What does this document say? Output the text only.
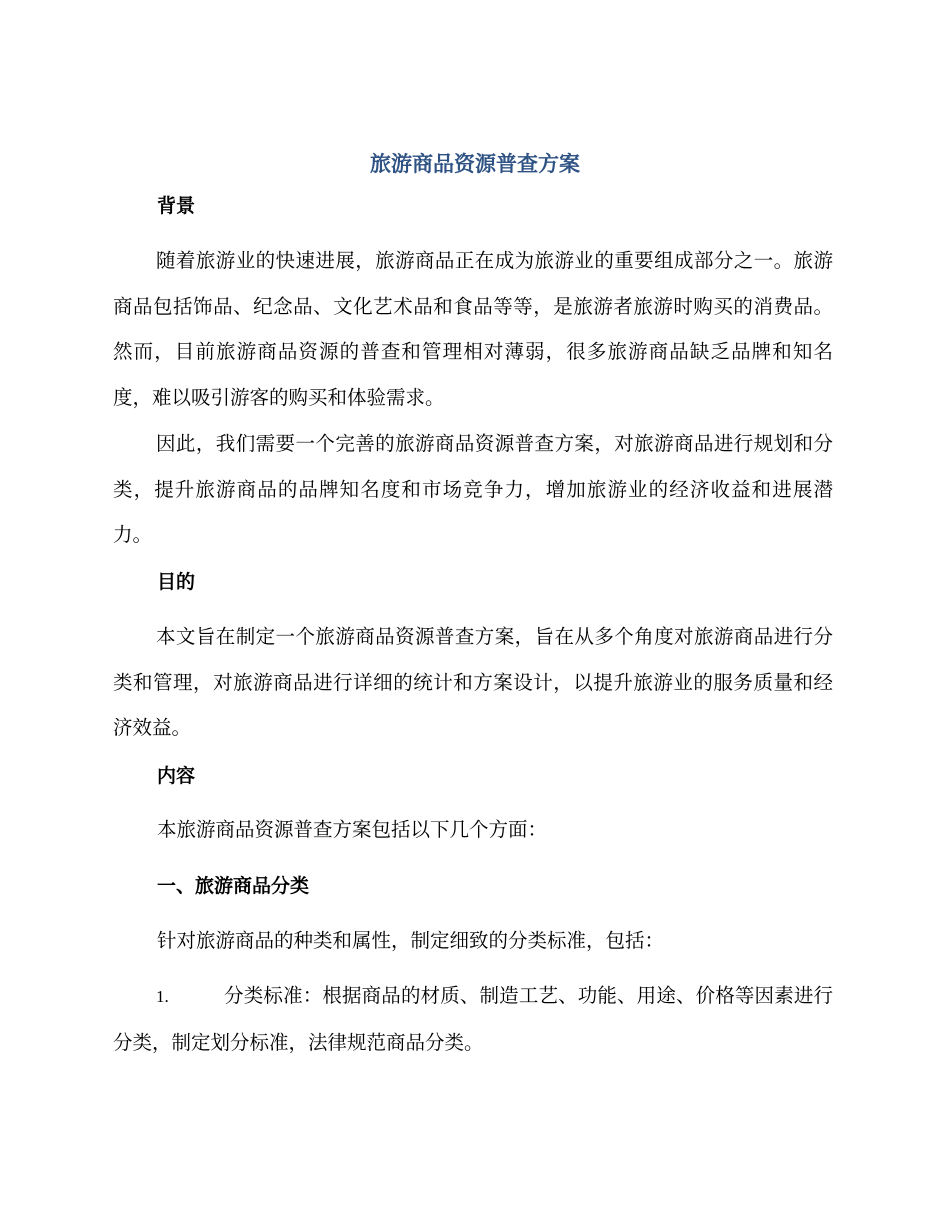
旅游商品资源普查方案
背景

随着旅游业的快速进展，旅游商品正在成为旅游业的重要组成部分之一。旅游商品包括饰品、纪念品、文化艺术品和食品等等，是旅游者旅游时购买的消费品。然而，目前旅游商品资源的普查和管理相对薄弱，很多旅游商品缺乏品牌和知名度，难以吸引游客的购买和体验需求。

因此，我们需要一个完善的旅游商品资源普查方案，对旅游商品进行规划和分类，提升旅游商品的品牌知名度和市场竞争力，增加旅游业的经济收益和进展潜力。

目的

本文旨在制定一个旅游商品资源普查方案，旨在从多个角度对旅游商品进行分类和管理，对旅游商品进行详细的统计和方案设计，以提升旅游业的服务质量和经济效益。

内容

本旅游商品资源普查方案包括以下几个方面：

一、旅游商品分类

针对旅游商品的种类和属性，制定细致的分类标准，包括：

1.	分类标准：根据商品的材质、制造工艺、功能、用途、价格等因素进行分类，制定划分标准，法律规范商品分类。
